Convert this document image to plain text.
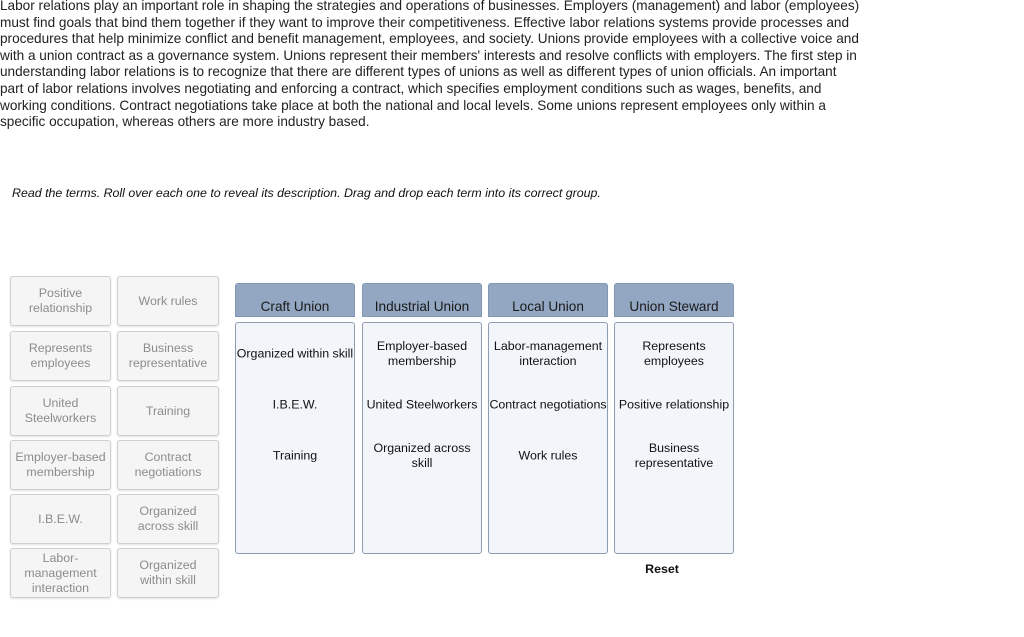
Labor relations play an important role in shaping the strategies and operations of businesses. Employers (management) and labor (employees) must find goals that bind them together if they want to improve their competitiveness. Effective labor relations systems provide processes and procedures that help minimize conflict and benefit management, employees, and society. Unions provide employees with a collective voice and with a union contract as a governance system. Unions represent their members' interests and resolve conflicts with employers. The first step in understanding labor relations is to recognize that there are different types of unions as well as different types of union officials. An important part of labor relations involves negotiating and enforcing a contract, which specifies employment conditions such as wages, benefits, and working conditions. Contract negotiations take place at both the national and local levels. Some unions represent employees only within a specific occupation, whereas others are more industry based.
Read the terms. Roll over each one to reveal its description. Drag and drop each term into its correct group.
Positive relationship
Work rules
Represents employees
Business representative
United Steelworkers
Training
Employer-based membership
Contract negotiations
I.B.E.W.
Organized across skill
Labor-management interaction
Organized within skill
Craft Union
Organized within skill
I.B.E.W.
Training
Industrial Union
Employer-based membership
United Steelworkers
Organized across skill
Local Union
Labor-management interaction
Contract negotiations
Work rules
Union Steward
Represents employees
Positive relationship
Business representative
Reset
